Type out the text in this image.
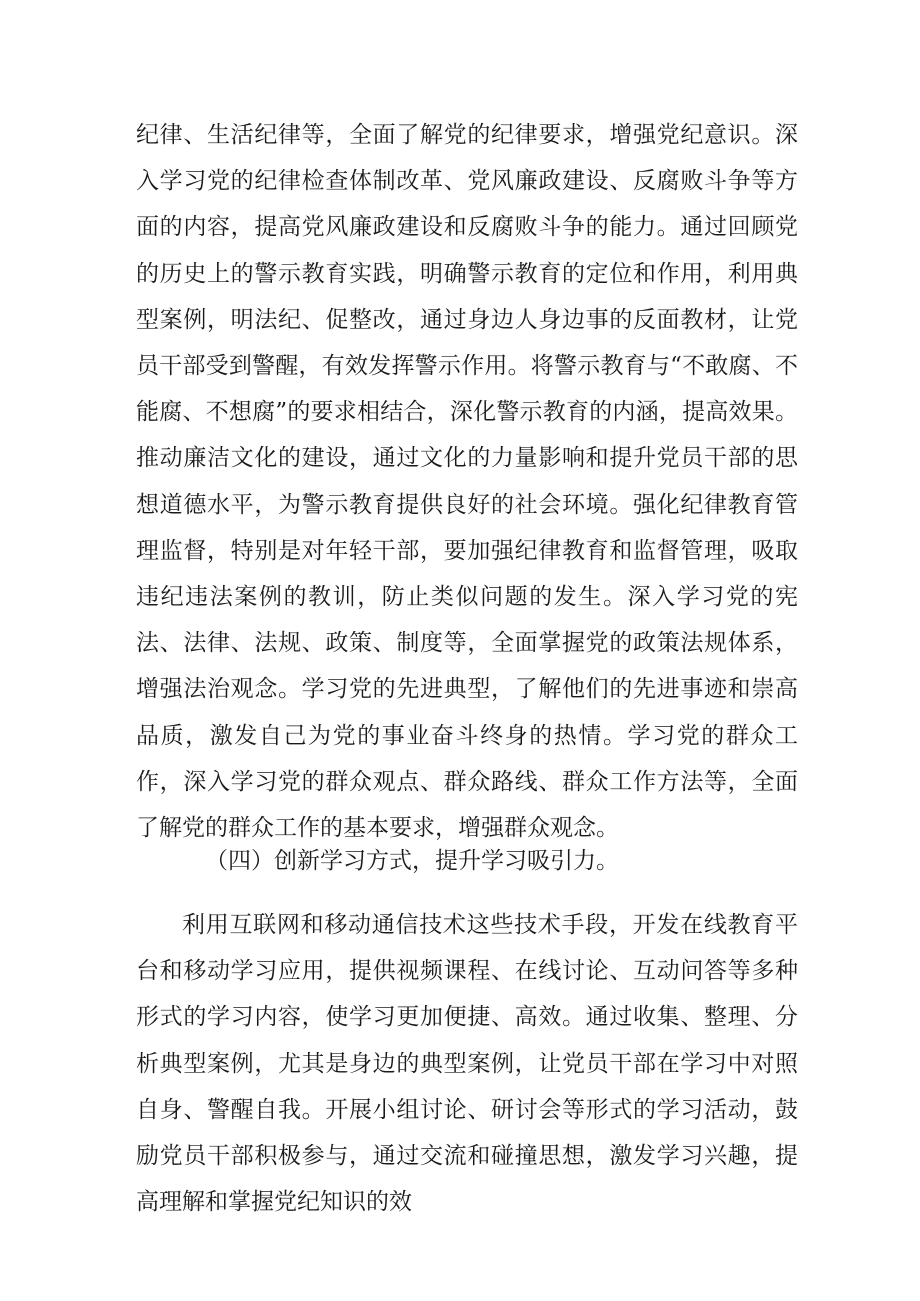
纪律、生活纪律等，全面了解党的纪律要求，增强党纪意识。深入学习党的纪律检查体制改革、党风廉政建设、反腐败斗争等方面的内容，提高党风廉政建设和反腐败斗争的能力。通过回顾党的历史上的警示教育实践，明确警示教育的定位和作用，利用典型案例，明法纪、促整改，通过身边人身边事的反面教材，让党员干部受到警醒，有效发挥警示作用。将警示教育与“不敢腐、不能腐、不想腐”的要求相结合，深化警示教育的内涵，提高效果。推动廉洁文化的建设，通过文化的力量影响和提升党员干部的思想道德水平，为警示教育提供良好的社会环境。强化纪律教育管理监督，特别是对年轻干部，要加强纪律教育和监督管理，吸取违纪违法案例的教训，防止类似问题的发生。深入学习党的宪法、法律、法规、政策、制度等，全面掌握党的政策法规体系，增强法治观念。学习党的先进典型，了解他们的先进事迹和崇高品质，激发自己为党的事业奋斗终身的热情。学习党的群众工作，深入学习党的群众观点、群众路线、群众工作方法等，全面了解党的群众工作的基本要求，增强群众观念。

（四）创新学习方式，提升学习吸引力。

利用互联网和移动通信技术这些技术手段，开发在线教育平台和移动学习应用，提供视频课程、在线讨论、互动问答等多种形式的学习内容，使学习更加便捷、高效。通过收集、整理、分析典型案例，尤其是身边的典型案例，让党员干部在学习中对照自身、警醒自我。开展小组讨论、研讨会等形式的学习活动，鼓励党员干部积极参与，通过交流和碰撞思想，激发学习兴趣，提高理解和掌握党纪知识的效
